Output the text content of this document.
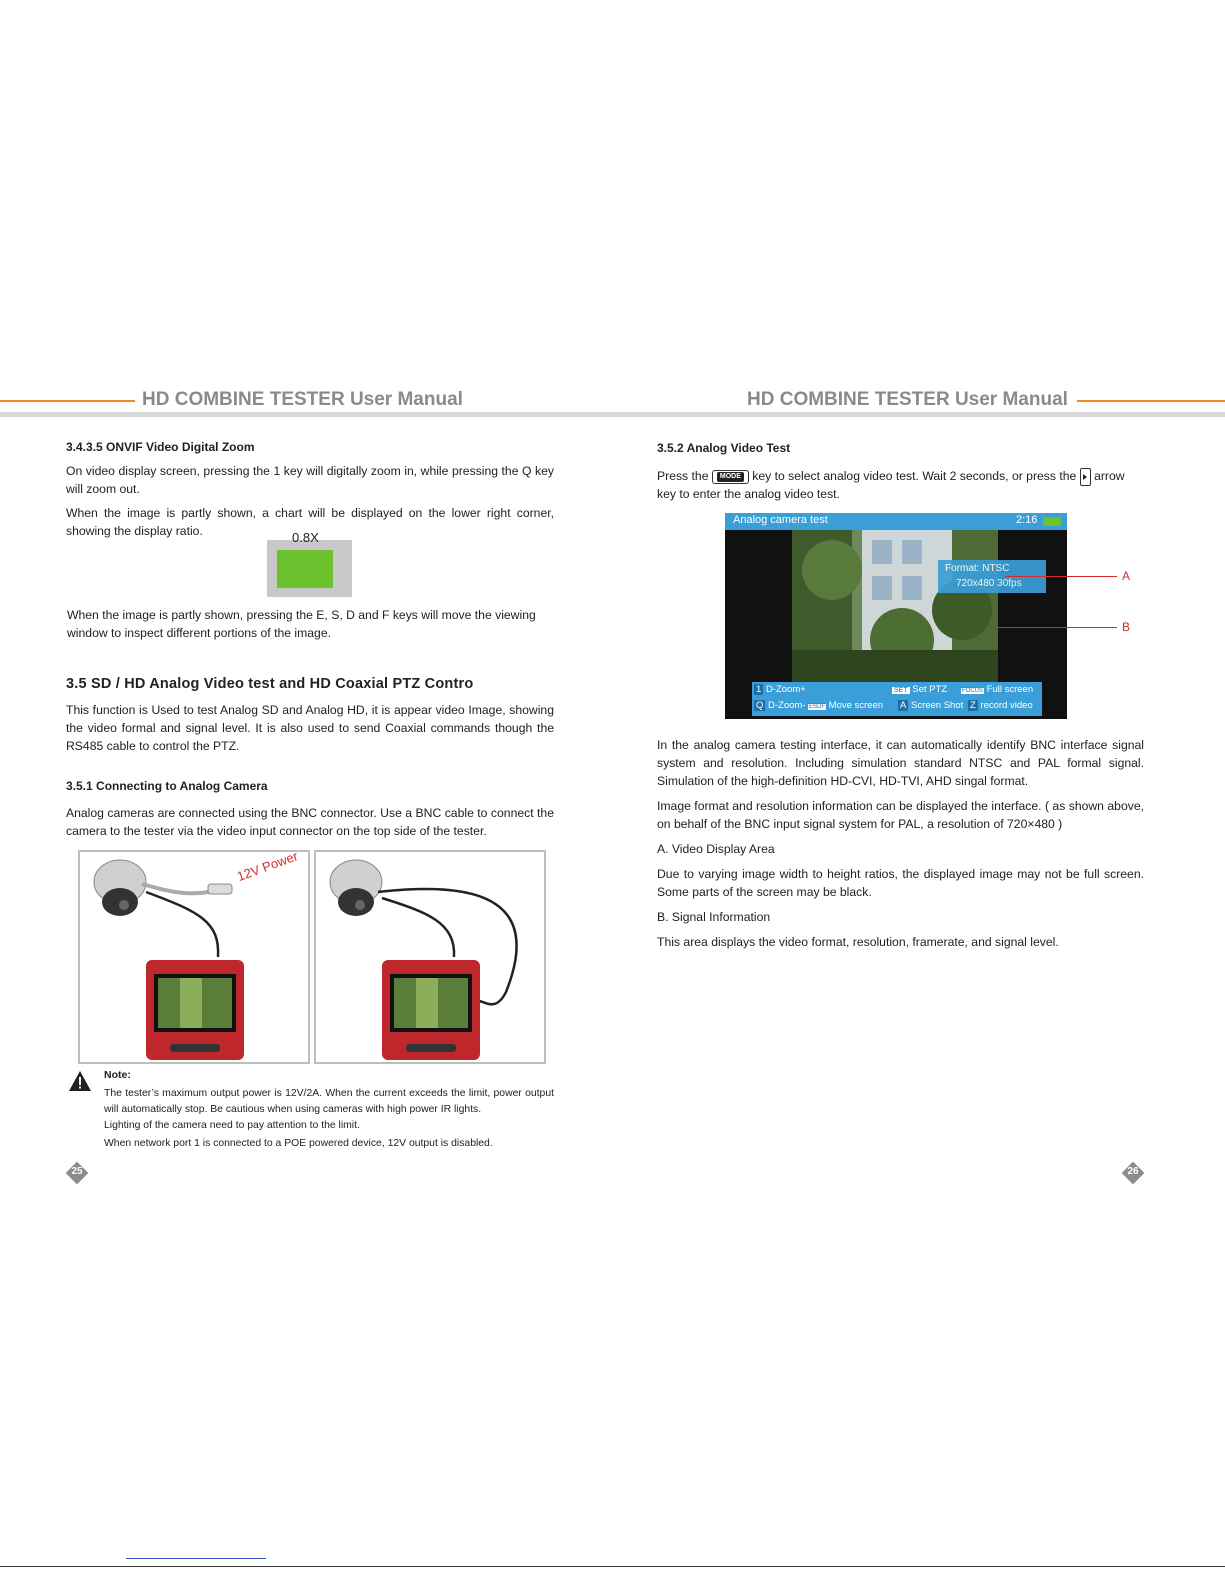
HD COMBINE TESTER User Manual	HD COMBINE TESTER User Manual
3.4.3.5 ONVIF Video Digital Zoom
On video display screen, pressing the 1 key will digitally zoom in, while pressing the Q key will zoom out.
When the image is partly shown, a chart will be displayed on the lower right corner, showing the display ratio.	0.8X
When the image is partly shown, pressing the E, S, D and F keys will move the viewing window to inspect different portions of the image.
3.5 SD / HD Analog Video test and HD Coaxial PTZ Contro
This function is Used to test Analog SD and Analog HD, it is appear video Image, showing the video formal and signal level. It is also used to send Coaxial commands though the RS485 cable to control the PTZ.
3.5.1 Connecting to Analog Camera
Analog cameras are connected using the BNC connector. Use a BNC cable to connect the camera to the tester via the video input connector on the top side of the tester.
12V Power
Note:
The tester’s maximum output power is 12V/2A. When the current exceeds the limit, power output will automatically stop. Be cautious when using cameras with high power IR lights.
Lighting of the camera need to pay attention to the limit.
When network port 1 is connected to a POE powered device, 12V output is disabled.
25
3.5.2 Analog Video Test
Press the MODE key to select analog video test. Wait 2 seconds, or press the arrow
key to enter the analog video test.
Analog camera test	2:16
Format: NTSC
720x480 30fps
1 D-Zoom+	SET Set PTZ FOCUS Full screen
Q D-Zoom- ESDF Move screen A Screen Shot Z record video
A
B
In the analog camera testing interface, it can automatically identify BNC interface signal system and resolution. Including simulation standard NTSC and PAL formal signal. Simulation of the high-definition HD-CVI, HD-TVI, AHD singal format.
Image format and resolution information can be displayed the interface. ( as shown above, on behalf of the BNC input signal system for PAL, a resolution of 720×480 )
A. Video Display Area
Due to varying image width to height ratios, the displayed image may not be full screen. Some parts of the screen may be black.
B. Signal Information
This area displays the video format, resolution, framerate, and signal level.
26
